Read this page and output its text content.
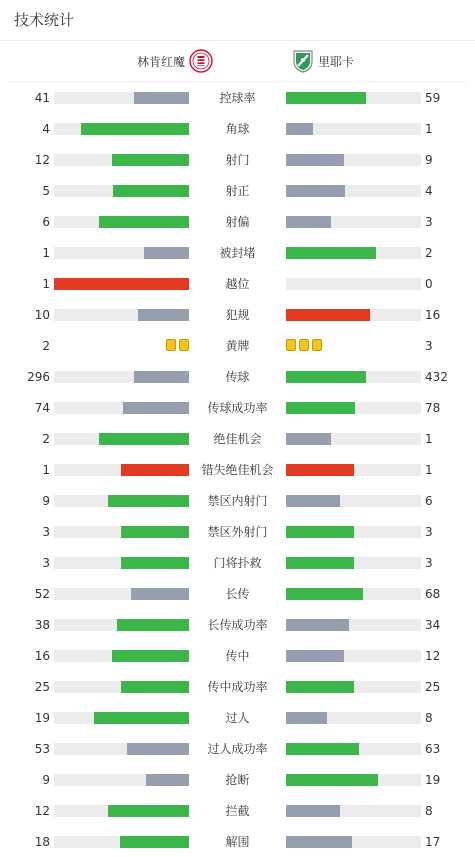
技术统计
林肯红魔	里耶卡
41	控球率	59
4	角球	1
12	射门	9
5	射正	4
6	射偏	3
1	被封堵	2
1	越位	0
10	犯规	16
2	黄牌	3
296	传球	432
74	传球成功率	78
2	绝佳机会	1
1	错失绝佳机会	1
9	禁区内射门	6
3	禁区外射门	3
3	门将扑救	3
52	长传	68
38	长传成功率	34
16	传中	12
25	传中成功率	25
19	过人	8
53	过人成功率	63
9	抢断	19
12	拦截	8
18	解围	17
